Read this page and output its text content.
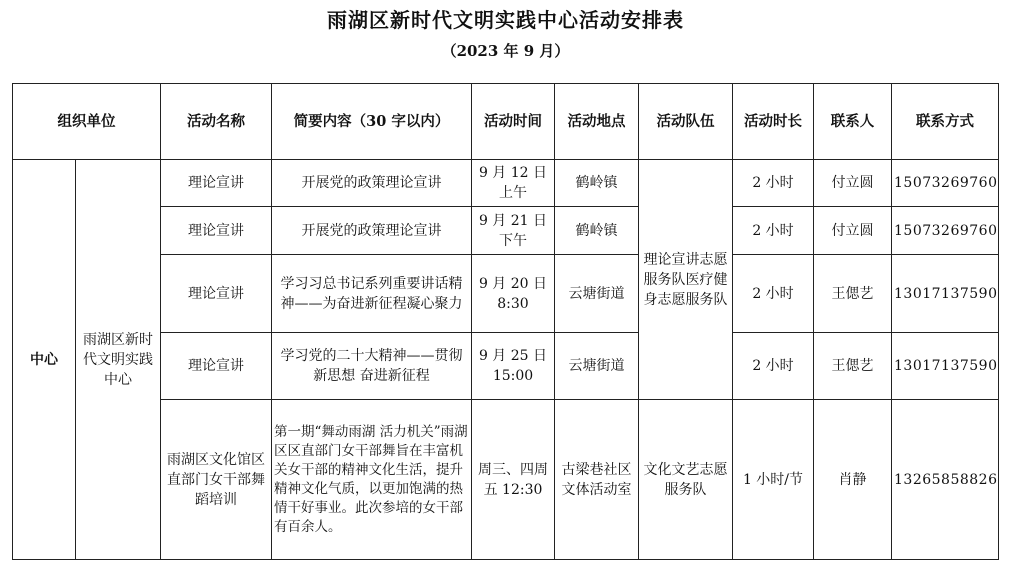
雨湖区新时代文明实践中心活动安排表
（2023 年 9 月）
组织单位		活动名称	简要内容（30 字以内）	活动时间	活动地点	活动队伍	活动时长	联系人	联系方式
中心	雨湖区新时代文明实践中心	理论宣讲	开展党的政策理论宣讲	9 月 12 日上午	鹤岭镇	理论宣讲志愿服务队医疗健身志愿服务队	2 小时	付立圆	15073269760
		理论宣讲	开展党的政策理论宣讲	9 月 21 日下午	鹤岭镇		2 小时	付立圆	15073269760
		理论宣讲	学习习总书记系列重要讲话精神——为奋进新征程凝心聚力	9 月 20 日 8:30	云塘街道		2 小时	王偲艺	13017137590
		理论宣讲	学习党的二十大精神——贯彻新思想 奋进新征程	9 月 25 日 15:00	云塘街道		2 小时	王偲艺	13017137590
		雨湖区文化馆区直部门女干部舞蹈培训	第一期“舞动雨湖 活力机关”雨湖区区直部门女干部舞旨在丰富机关女干部的精神文化生活，提升精神文化气质，以更加饱满的热情干好事业。此次参培的女干部有百余人。	周三、四周五 12:30	古梁巷社区文体活动室	文化文艺志愿服务队	1 小时/节	肖静	13265858826
